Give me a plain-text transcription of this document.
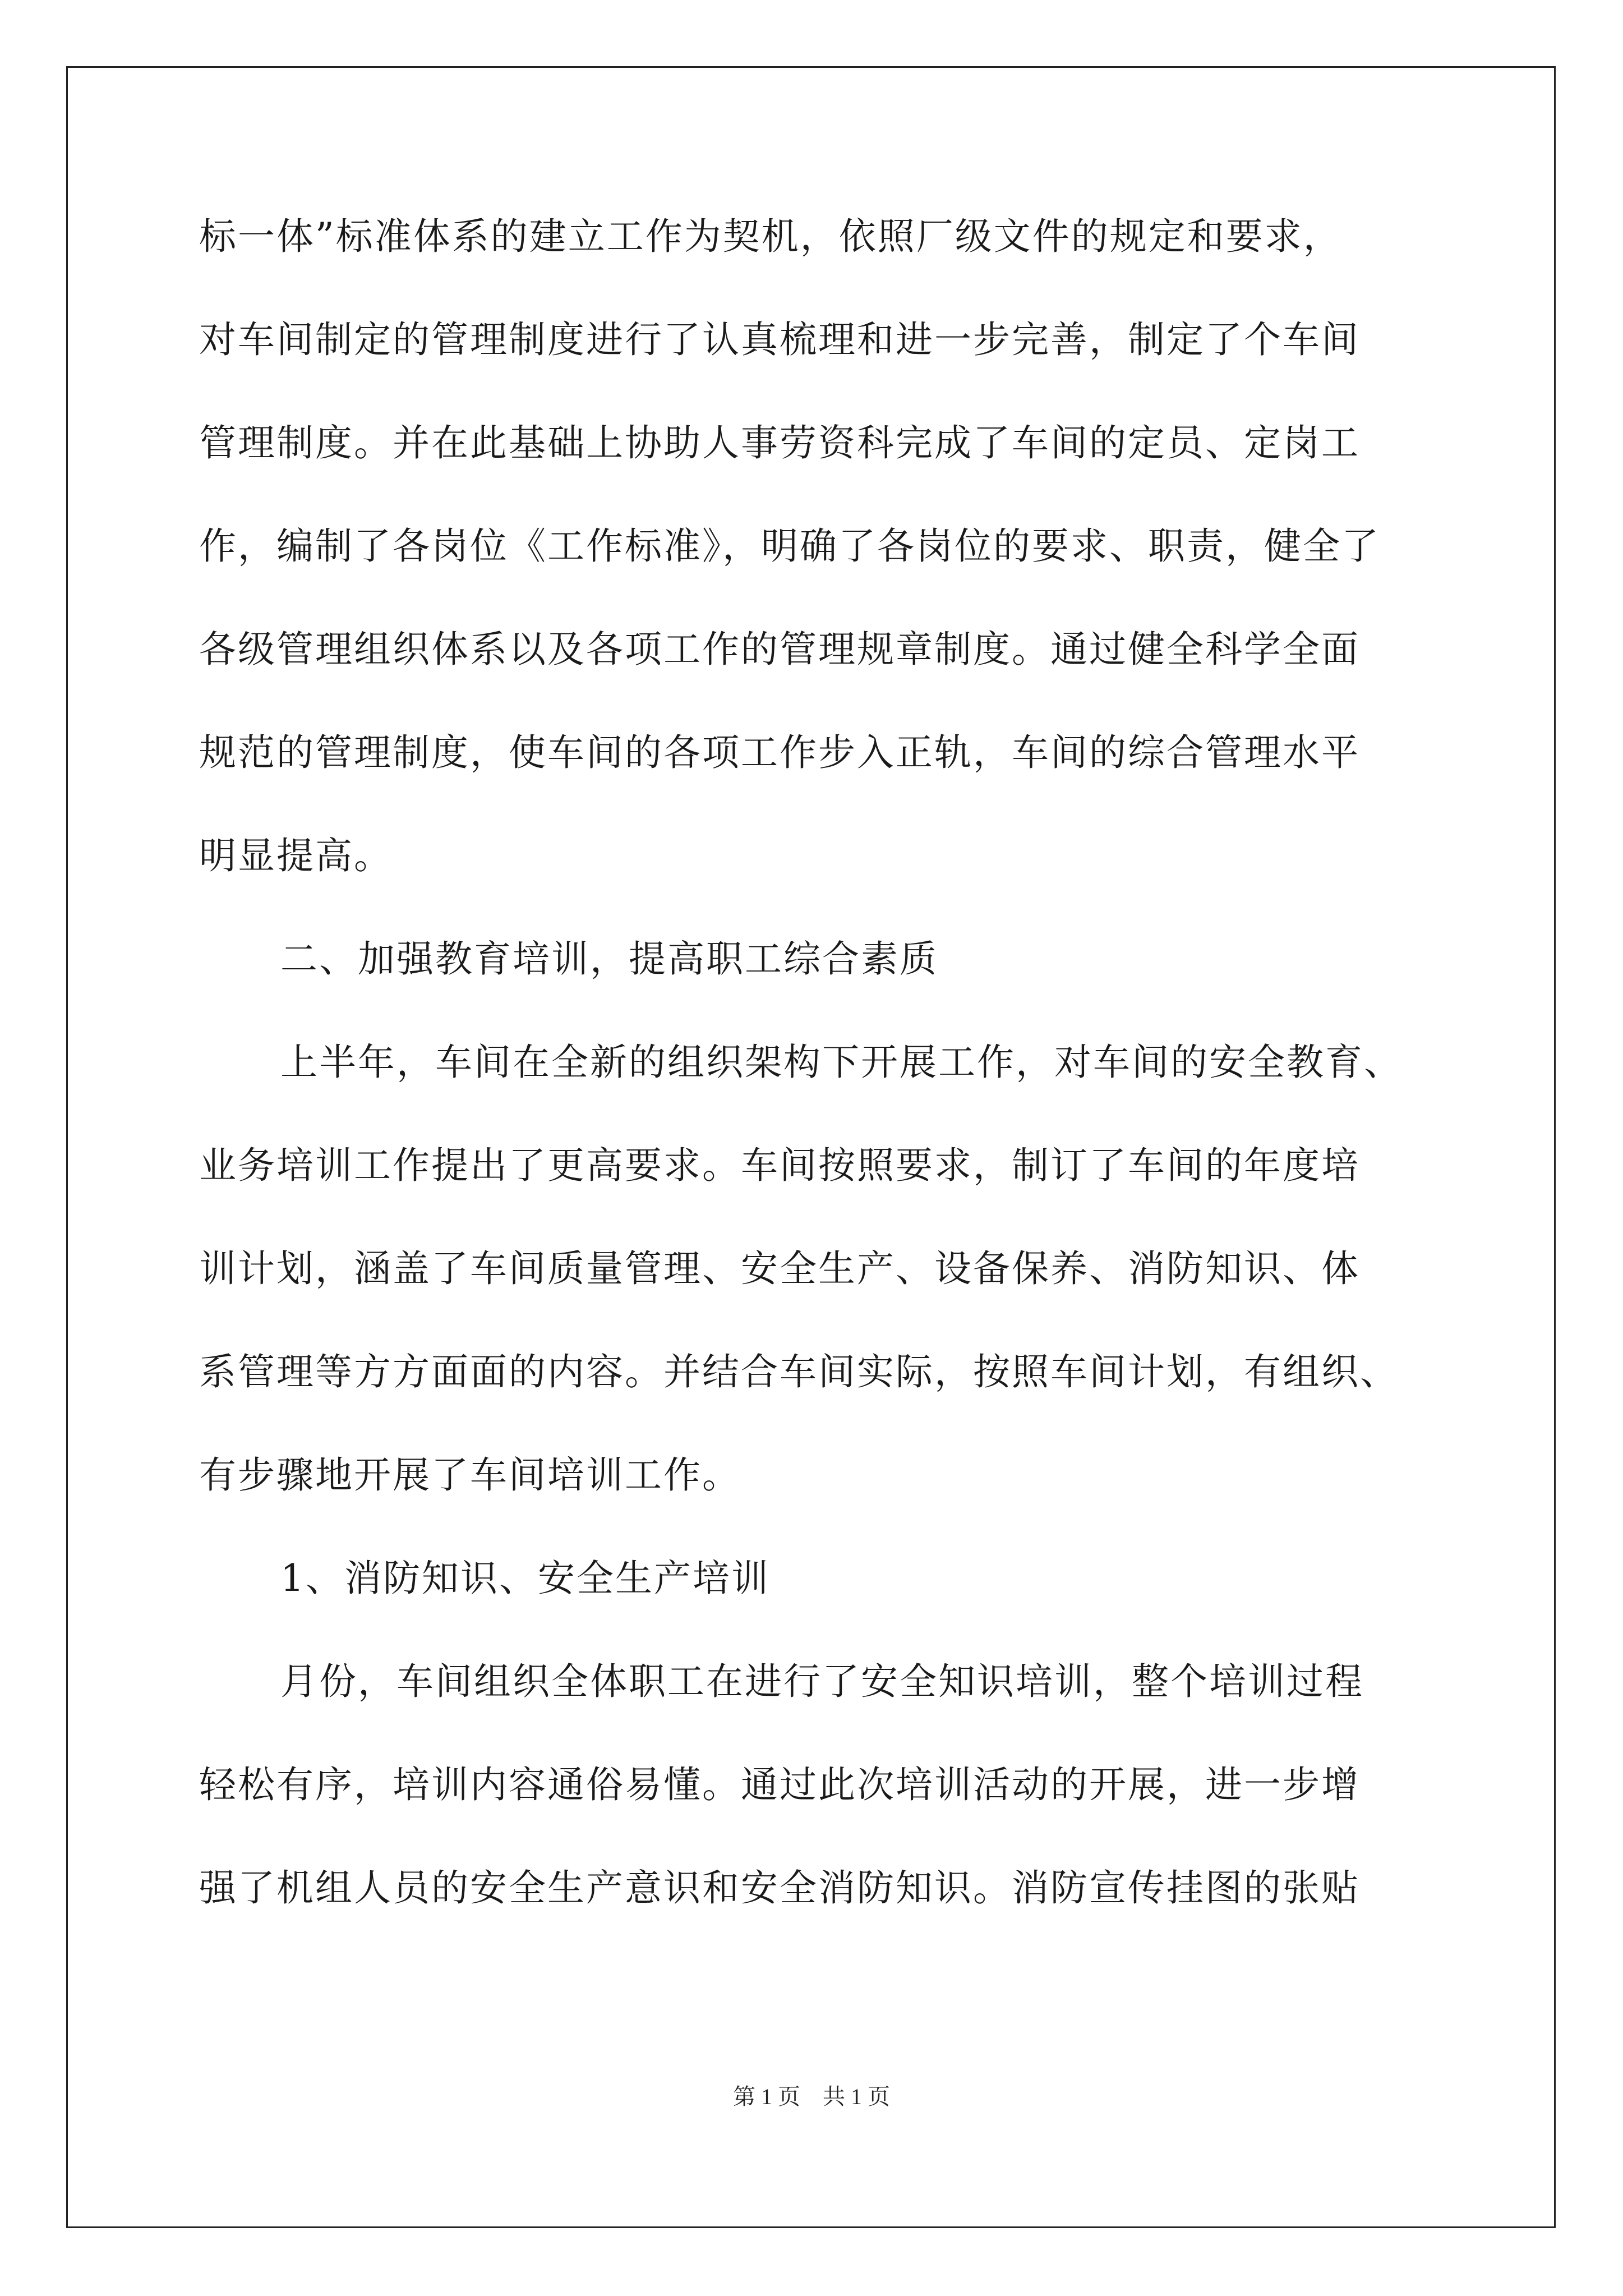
标一体”标准体系的建立工作为契机，依照厂级文件的规定和要求，
对车间制定的管理制度进行了认真梳理和进一步完善，制定了个车间
管理制度。并在此基础上协助人事劳资科完成了车间的定员、定岗工
作，编制了各岗位《工作标准》，明确了各岗位的要求、职责，健全了
各级管理组织体系以及各项工作的管理规章制度。通过健全科学全面
规范的管理制度，使车间的各项工作步入正轨，车间的综合管理水平
明显提高。
二、加强教育培训，提高职工综合素质
上半年，车间在全新的组织架构下开展工作，对车间的安全教育、
业务培训工作提出了更高要求。车间按照要求，制订了车间的年度培
训计划，涵盖了车间质量管理、安全生产、设备保养、消防知识、体
系管理等方方面面的内容。并结合车间实际，按照车间计划，有组织、
有步骤地开展了车间培训工作。
1、消防知识、安全生产培训
月份，车间组织全体职工在进行了安全知识培训，整个培训过程
轻松有序，培训内容通俗易懂。通过此次培训活动的开展，进一步增
强了机组人员的安全生产意识和安全消防知识。消防宣传挂图的张贴
第 1 页　共 1 页
